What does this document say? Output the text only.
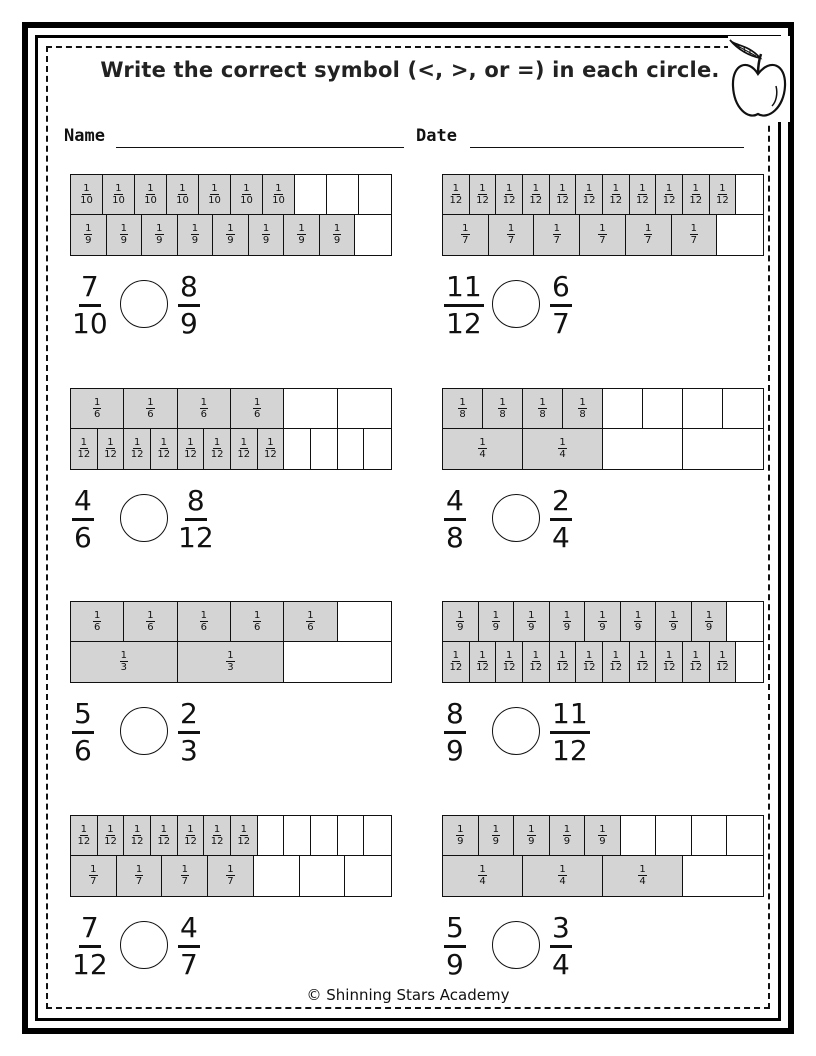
Write the correct symbol (<, >, or =) in each circle.
Name	Date
1
10
1
10
1
10
1
10
1
10
1
10
1
10
1
9
1
9
1
9
1
9
1
9
1
9
1
9
1
9
$\frac{7}{10}$	$\frac{8}{9}$
1
12
1
12
1
12
1
12
1
12
1
12
1
12
1
12
1
12
1
12
1
12
1
7
1
7
1
7
1
7
1
7
1
7
$\frac{11}{12} \frac{6}{7}$
1
6
1
6
1
6
1
6
1
12
1
12
1
12
1
12
1
12
1
12
1
12
1
12
$\frac{4}{6}$	$\frac{8}{12}$
1
8
1
8
1
8
1
8
1
4
1
4
$\frac{4}{8}$	$\frac{2}{4}$
1
6
1
6
1
6
1
6
1
6
1
3
1
3
$\frac{5}{6}$	$\frac{2}{3}$
1
9
1
9
1
9
1
9
1
9
1
9
1
9
1
9
1
12
1
12
1
12
1
12
1
12
1
12
1
12
1
12
1
12
1
12
1
12
$\frac{8}{9}$	$\frac{11}{12}$
1
12
1
12
1
12
1
12
1
12
1
12
1
12
1
7
1
7
1
7
1
7
$\frac{7}{12}$	$\frac{4}{7}$
1
9
1
9
1
9
1
9
1
9
1
4
1
4
1
4
$\frac{5}{9}$	$\frac{3}{4}$
© Shinning Stars Academy
